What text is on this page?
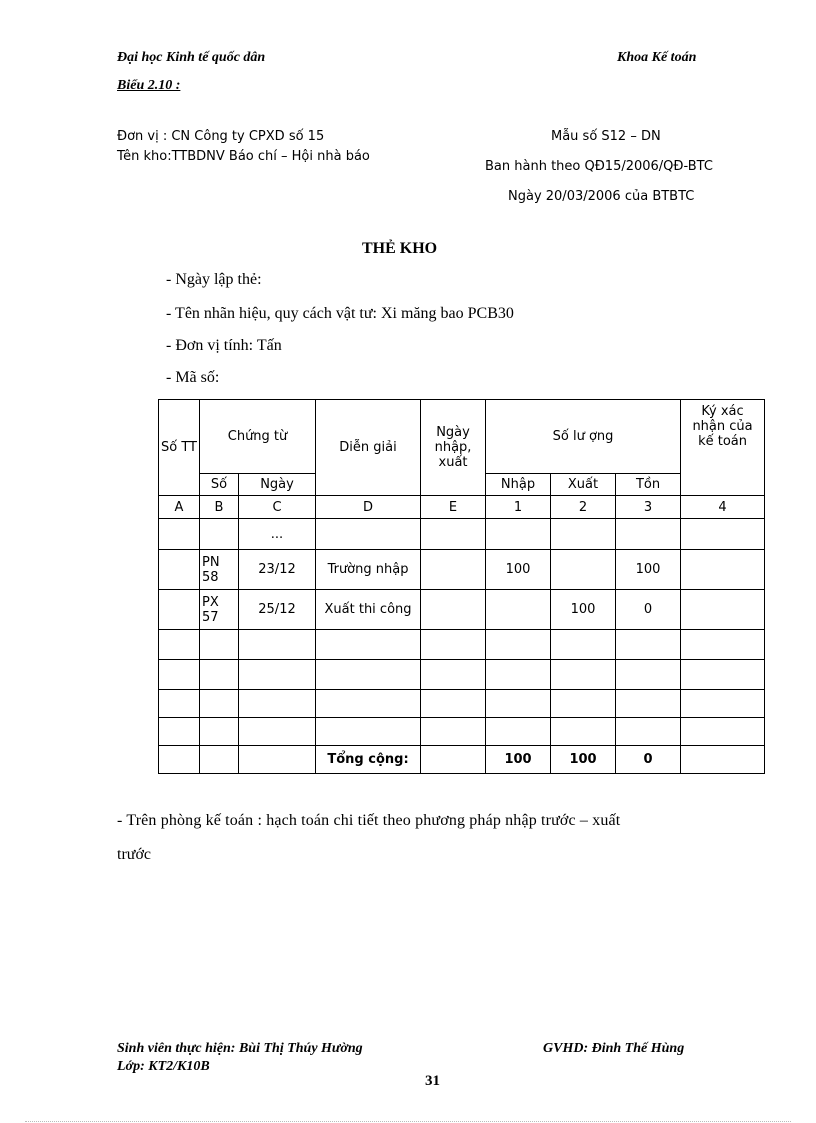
Đại học Kinh tế quốc dân	Khoa Kế toán
Biểu 2.10 :
Đơn vị : CN Công ty CPXD số 15
Tên kho:TTBDNV Báo chí – Hội nhà báo
Mẫu số S12 – DN
Ban hành theo QĐ15/2006/QĐ-BTC
Ngày 20/03/2006 của BTBTC
THẺ KHO
- Ngày lập thẻ:
- Tên nhãn hiệu, quy cách vật tư: Xi măng bao PCB30
- Đơn vị tính: Tấn
- Mã số:
Số TT	Chứng từ		Diễn giải	Ngày nhập, xuất	Số lư ợng			Ký xác nhận của kế toán
	Số	Ngày			Nhập	Xuất	Tồn	
A	B	C	D	E	1	2	3	4
		...						
	PN 58	23/12	Trường nhập		100		100	
	PX 57	25/12	Xuất thi công			100	0	

			Tổng cộng:		100	100	0	
- Trên phòng kế toán : hạch toán chi tiết theo phương pháp nhập trước – xuất
trước
Sinh viên thực hiện: Bùi Thị Thúy Hường
Lớp: KT2/K10B
GVHD: Đinh Thế Hùng
31
